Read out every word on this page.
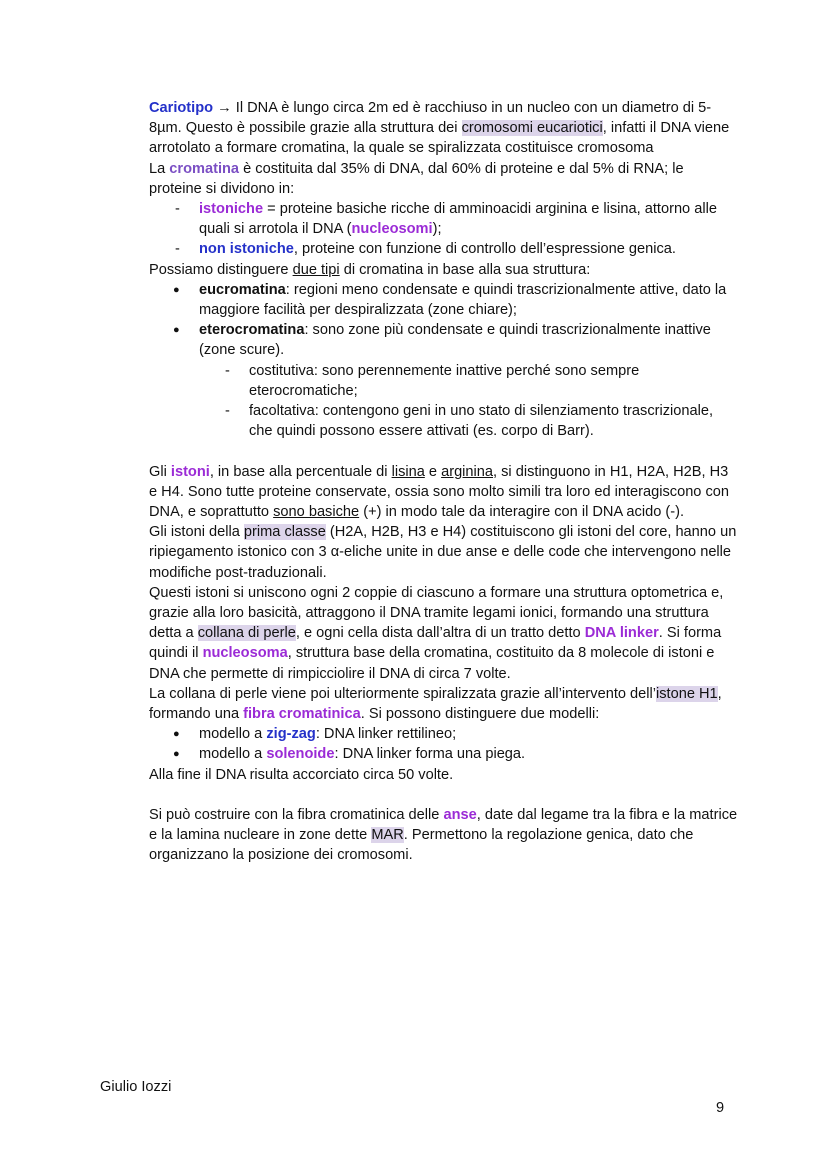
Cariotipo → Il DNA è lungo circa 2m ed è racchiuso in un nucleo con un diametro di 5-8µm. Questo è possibile grazie alla struttura dei cromosomi eucariotici, infatti il DNA viene arrotolato a formare cromatina, la quale se spiralizzata costituisce cromosoma

La cromatina è costituita dal 35% di DNA, dal 60% di proteine e dal 5% di RNA; le proteine si dividono in:

- istoniche = proteine basiche ricche di amminoacidi arginina e lisina, attorno alle quali si arrotola il DNA (nucleosomi);
- non istoniche, proteine con funzione di controllo dell’espressione genica.

Possiamo distinguere due tipi di cromatina in base alla sua struttura:

● eucromatina: regioni meno condensate e quindi trascrizionalmente attive, dato la maggiore facilità per despiralizzata (zone chiare);
● eterocromatina: sono zone più condensate e quindi trascrizionalmente inattive (zone scure).
- costitutiva: sono perennemente inattive perché sono sempre eterocromatiche;
- facoltativa: contengono geni in uno stato di silenziamento trascrizionale, che quindi possono essere attivati (es. corpo di Barr).

Gli istoni, in base alla percentuale di lisina e arginina, si distinguono in H1, H2A, H2B, H3 e H4. Sono tutte proteine conservate, ossia sono molto simili tra loro ed interagiscono con DNA, e soprattutto sono basiche (+) in modo tale da interagire con il DNA acido (-).

Gli istoni della prima classe (H2A, H2B, H3 e H4) costituiscono gli istoni del core, hanno un ripiegamento istonico con 3 α-eliche unite in due anse e delle code che intervengono nelle modifiche post-traduzionali.

Questi istoni si uniscono ogni 2 coppie di ciascuno a formare una struttura optometrica e, grazie alla loro basicità, attraggono il DNA tramite legami ionici, formando una struttura detta a collana di perle, e ogni cella dista dall’altra di un tratto detto DNA linker. Si forma quindi il nucleosoma, struttura base della cromatina, costituito da 8 molecole di istoni e DNA che permette di rimpicciolire il DNA di circa 7 volte.

La collana di perle viene poi ulteriormente spiralizzata grazie all’intervento dell’istone H1, formando una fibra cromatinica. Si possono distinguere due modelli:

● modello a zig-zag: DNA linker rettilineo;
● modello a solenoide: DNA linker forma una piega.

Alla fine il DNA risulta accorciato circa 50 volte.

Si può costruire con la fibra cromatinica delle anse, date dal legame tra la fibra e la matrice e la lamina nucleare in zone dette MAR. Permettono la regolazione genica, dato che organizzano la posizione dei cromosomi.

Giulio Iozzi
9
